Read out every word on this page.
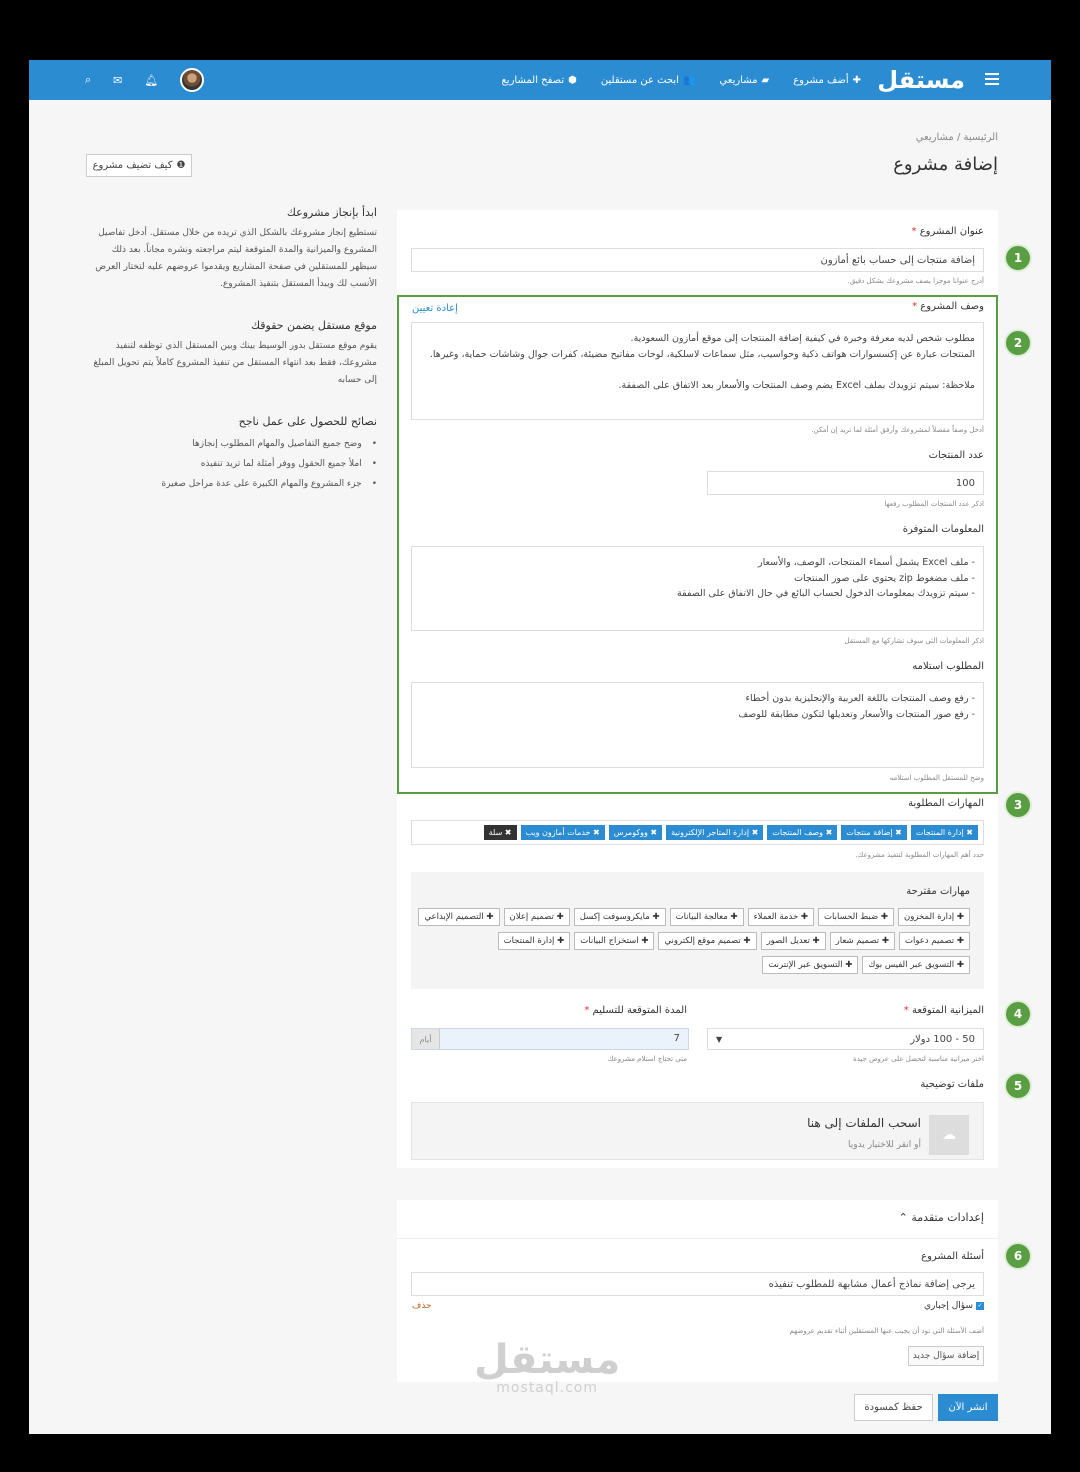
مستقل
✚
أضف مشروع
▰
مشاريعي
👥
ابحث عن مستقلين
⬢
تصفح المشاريع
⌕ ✉ 🔔︎
الرئيسية / مشاريعي
إضافة مشروع
❶
كيف تضيف مشروع
ابدأ بإنجاز مشروعك

تستطيع إنجاز مشروعك بالشكل الذي تريده من خلال مستقل. أدخل تفاصيل المشروع والميزانية والمدة المتوقعة ليتم مراجعته ونشره مجاناً. بعد ذلك سيظهر للمستقلين في صفحة المشاريع ويقدموا عروضهم عليه لتختار العرض الأنسب لك ويبدأ المستقل بتنفيذ المشروع.

موقع مستقل يضمن حقوقك

يقوم موقع مستقل بدور الوسيط بينك وبين المستقل الذي توظفه لتنفيذ مشروعك، فقط بعد انتهاء المستقل من تنفيذ المشروع كاملاً يتم تحويل المبلغ إلى حسابه

نصائح للحصول على عمل ناجح
• وضح جميع التفاصيل والمهام المطلوب إنجازها
• املأ جميع الحقول ووفر أمثلة لما تريد تنفيذه
• جزء المشروع والمهام الكبيرة على عدة مراحل صغيرة
عنوان المشروع *
إضافة منتجات إلى حساب بائع أمازون
أدرج عنوانا موجزا يصف مشروعك بشكل دقيق.
وصف المشروع *
إعادة تعيين
مطلوب شخص لديه معرفة وخبرة في كيفية إضافة المنتجات إلى موقع أمازون السعودية.
المنتجات عبارة عن إكسسوارات هواتف ذكية وحواسيب، مثل سماعات لاسلكية، لوحات مفاتيح مضيئة، كفرات جوال وشاشات حماية، وغيرها.

ملاحظة: سيتم تزويدك بملف Excel يضم وصف المنتجات والأسعار بعد الاتفاق على الصفقة.
أدخل وصفاً مفصلاً لمشروعك وأرفق أمثلة لما تريد إن أمكن.
عدد المنتجات
100
اذكر عدد المنتجات المطلوب رفعها
المعلومات المتوفرة
- ملف Excel يشمل أسماء المنتجات، الوصف، والأسعار
- ملف مضغوط zip يحتوي على صور المنتجات
- سيتم تزويدك بمعلومات الدخول لحساب البائع في حال الاتفاق على الصفقة
اذكر المعلومات التي سوف تشاركها مع المستقل
المطلوب استلامه
- رفع وصف المنتجات باللغة العربية والإنجليزية بدون أخطاء
- رفع صور المنتجات والأسعار وتعديلها لتكون مطابقة للوصف
وضح للمستقل المطلوب استلامه
المهارات المطلوبة
✖ إدارة المنتجات
✖ إضافة منتجات
✖ وصف المنتجات
✖ إدارة المتاجر الإلكترونية
✖ ووكومرس
✖ خدمات أمازون ويب
✖ سلة
حدد أهم المهارات المطلوبة لتنفيذ مشروعك.
مهارات مقترحة
✚ إدارة المخزون
✚ ضبط الحسابات
✚ خدمة العملاء
✚ معالجة البيانات
✚ مايكروسوفت إكسل
✚ تصميم إعلان
✚ التصميم الإبداعي
✚ تصميم دعوات
✚ تصميم شعار
✚ تعديل الصور
✚ تصميم موقع إلكتروني
✚ استخراج البيانات
✚ إدارة المنتجات
✚ التسويق عبر الفيس بوك
✚ التسويق عبر الإنترنت
الميزانية المتوقعة *
50 - 100 دولار
▼
اختر ميزانية مناسبة لتحصل على عروض جيدة
المدة المتوقعة للتسليم *
7
أيام
متى تحتاج استلام مشروعك
ملفات توضيحية
☁
اسحب الملفات إلى هنا
أو انقر للاختيار يدويا
إعدادات متقدمة ⌃
أسئلة المشروع
يرجى إضافة نماذج أعمال مشابهة للمطلوب تنفيذه
✓سؤال إجباري
حذف
أضف الأسئلة التي تود أن يجيب عنها المستقلين أثناء تقديم عروضهم
إضافة سؤال جديد
انشر الآن
حفظ كمسودة
مستقل
mostaql.com
1
2
3
4
5
6
